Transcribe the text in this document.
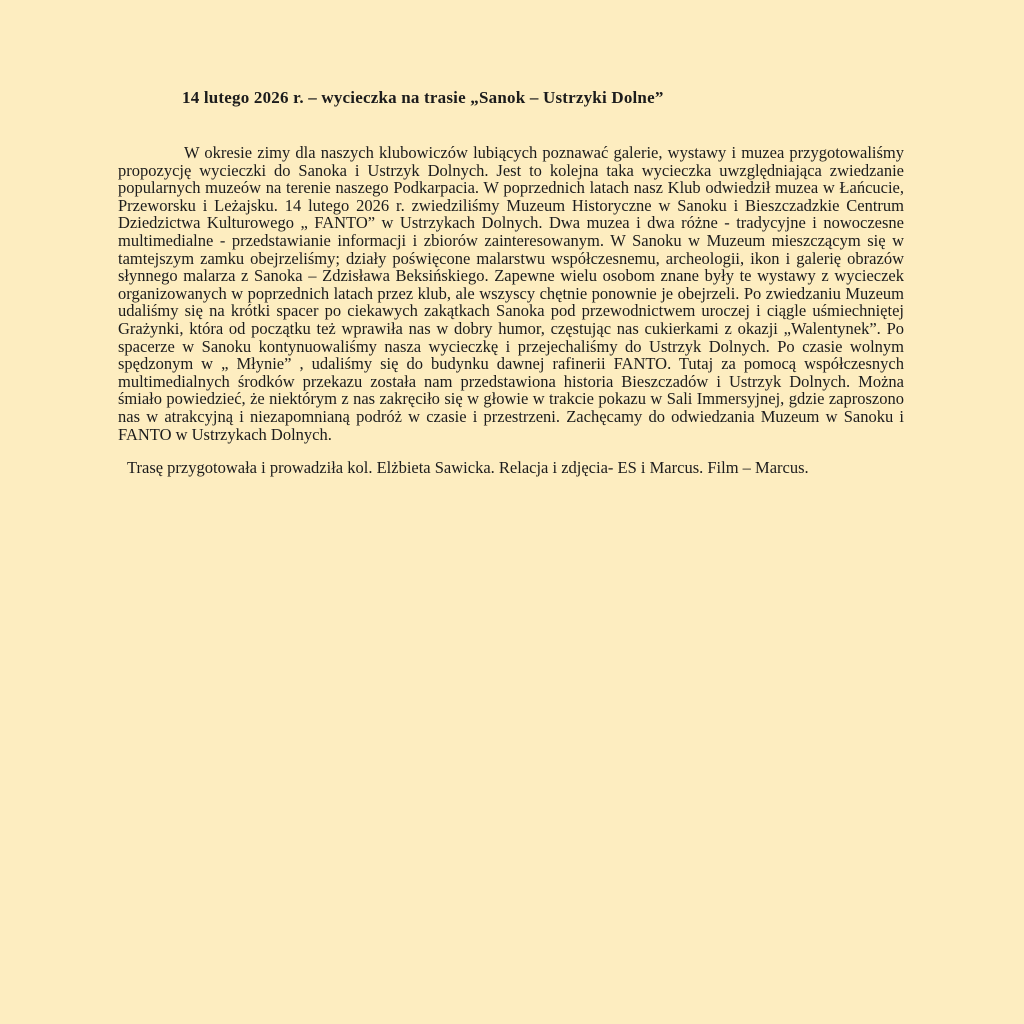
14 lutego 2026 r. – wycieczka na trasie „Sanok – Ustrzyki Dolne”

W okresie zimy dla naszych klubowiczów lubiących poznawać galerie, wystawy i muzea przygotowaliśmy propozycję wycieczki do Sanoka i Ustrzyk Dolnych. Jest to kolejna taka wycieczka uwzględniająca zwiedzanie popularnych muzeów na terenie naszego Podkarpacia. W poprzednich latach nasz Klub odwiedził muzea w Łańcucie, Przeworsku i Leżajsku. 14 lutego 2026 r. zwiedziliśmy Muzeum Historyczne w Sanoku i Bieszczadzkie Centrum Dziedzictwa Kulturowego „ FANTO” w Ustrzykach Dolnych. Dwa muzea i dwa różne - tradycyjne i nowoczesne multimedialne - przedstawianie informacji i zbiorów zainteresowanym. W Sanoku w Muzeum mieszczącym się w tamtejszym zamku obejrzeliśmy; działy poświęcone malarstwu współczesnemu, archeologii, ikon i galerię obrazów słynnego malarza z Sanoka – Zdzisława Beksińskiego. Zapewne wielu osobom znane były te wystawy z wycieczek organizowanych w poprzednich latach przez klub, ale wszyscy chętnie ponownie je obejrzeli. Po zwiedzaniu Muzeum udaliśmy się na krótki spacer po ciekawych zakątkach Sanoka pod przewodnictwem uroczej i ciągle uśmiechniętej Grażynki, która od początku też wprawiła nas w dobry humor, częstując nas cukierkami z okazji „Walentynek”. Po spacerze w Sanoku kontynuowaliśmy nasza wycieczkę i przejechaliśmy do Ustrzyk Dolnych. Po czasie wolnym spędzonym w „ Młynie” , udaliśmy się do budynku dawnej rafinerii FANTO. Tutaj za pomocą współczesnych multimedialnych środków przekazu została nam przedstawiona historia Bieszczadów i Ustrzyk Dolnych. Można śmiało powiedzieć, że niektórym z nas zakręciło się w głowie w trakcie pokazu w Sali Immersyjnej, gdzie zaproszono nas w atrakcyjną i niezapomnianą podróż w czasie i przestrzeni. Zachęcamy do odwiedzania Muzeum w Sanoku i FANTO w Ustrzykach Dolnych.

Trasę przygotowała i prowadziła kol. Elżbieta Sawicka. Relacja i zdjęcia- ES i Marcus. Film – Marcus.
